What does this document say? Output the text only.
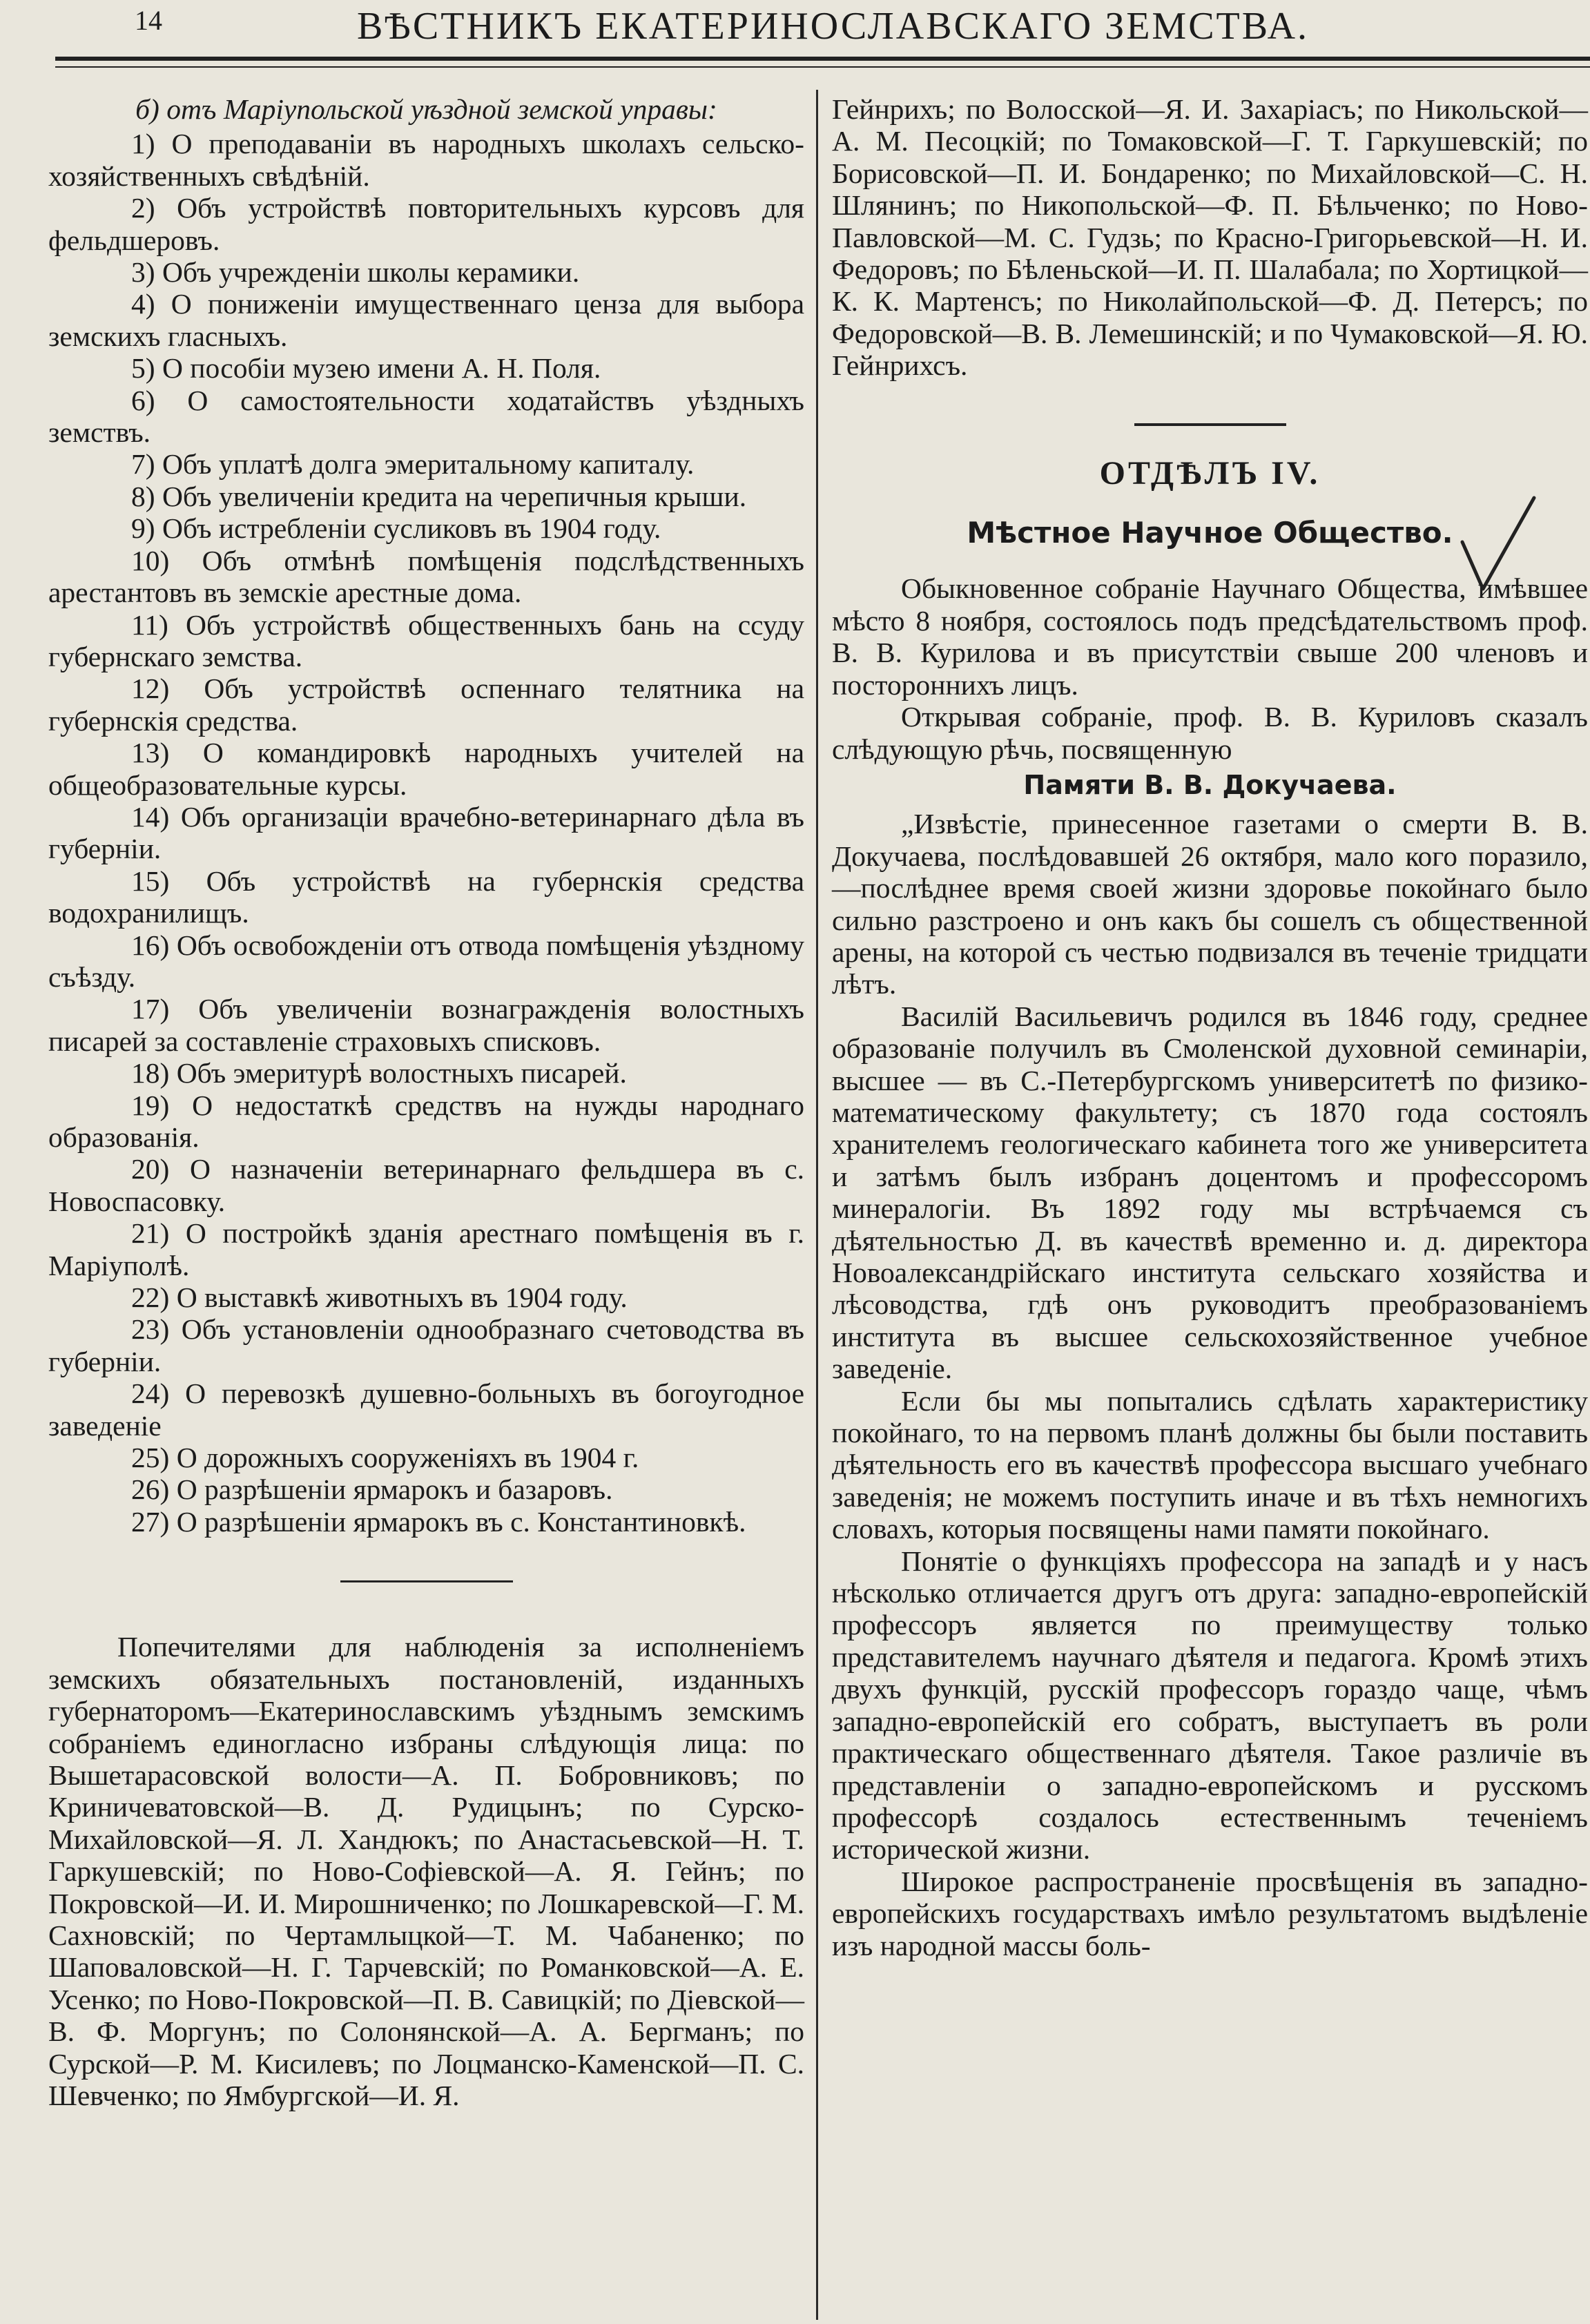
14	ВѢСТНИКЪ ЕКАТЕРИНОСЛАВСКАГО ЗЕМСТВА.

б) отъ Маріупольской уѣздной земской управы:

1) О преподаваніи въ народныхъ школахъ сельско-хозяйственныхъ свѣдѣній.

2) Объ устройствѣ повторительныхъ курсовъ для фельдшеровъ.

3) Объ учрежденіи школы керамики.

4) О пониженіи имущественнаго ценза для выбора земскихъ гласныхъ.

5) О пособіи музею имени А. Н. Поля.

6) О самостоятельности ходатайствъ уѣздныхъ земствъ.

7) Объ уплатѣ долга эмеритальному капиталу.

8) Объ увеличеніи кредита на черепичныя крыши.

9) Объ истребленіи сусликовъ въ 1904 году.

10) Объ отмѣнѣ помѣщенія подслѣдственныхъ арестантовъ въ земскіе арестные дома.

11) Объ устройствѣ общественныхъ бань на ссуду губернскаго земства.

12) Объ устройствѣ оспеннаго телятника на губернскія средства.

13) О командировкѣ народныхъ учителей на общеобразовательные курсы.

14) Объ организаціи врачебно-ветеринарнаго дѣла въ губерніи.

15) Объ устройствѣ на губернскія средства водохранилищъ.

16) Объ освобожденіи отъ отвода помѣщенія уѣздному съѣзду.

17) Объ увеличеніи вознагражденія волостныхъ писарей за составленіе страховыхъ списковъ.

18) Объ эмеритурѣ волостныхъ писарей.

19) О недостаткѣ средствъ на нужды народнаго образованія.

20) О назначеніи ветеринарнаго фельдшера въ с. Новоспасовку.

21) О постройкѣ зданія арестнаго помѣщенія въ г. Маріуполѣ.

22) О выставкѣ животныхъ въ 1904 году.

23) Объ установленіи однообразнаго счетоводства въ губерніи.

24) О перевозкѣ душевно-больныхъ въ богоугодное заведеніе

25) О дорожныхъ сооруженіяхъ въ 1904 г.

26) О разрѣшеніи ярмарокъ и базаровъ.

27) О разрѣшеніи ярмарокъ въ с. Константиновкѣ.

Попечителями для наблюденія за исполненіемъ земскихъ обязательныхъ постановленій, изданныхъ губернаторомъ—Екатеринославскимъ уѣзднымъ земскимъ собраніемъ единогласно избраны слѣдующія лица: по Вышетарасовской волости—А. П. Бобровниковъ; по Криничеватовской—В. Д. Рудицынъ; по Сурско-Михайловской—Я. Л. Хандюкъ; по Анастасьевской—Н. Т. Гаркушевскій; по Ново-Софіевской—А. Я. Гейнъ; по Покровской—И. И. Мирошниченко; по Лошкаревской—Г. М. Сахновскій; по Чертамлыцкой—Т. М. Чабаненко; по Шаповаловской—Н. Г. Тарчевскій; по Романковской—А. Е. Усенко; по Ново-Покровской—П. В. Савицкій; по Діевской—В. Ф. Моргунъ; по Солонянской—А. А. Бергманъ; по Сурской—Р. М. Кисилевъ; по Лоцманско-Каменской—П. С. Шевченко; по Ямбургской—И. Я.

Гейнрихъ; по Волосской—Я. И. Захаріасъ; по Никольской—А. М. Песоцкій; по Томаковской—Г. Т. Гаркушевскій; по Борисовской—П. И. Бондаренко; по Михайловской—С. Н. Шлянинъ; по Никопольской—Ф. П. Бѣльченко; по Ново-Павловской—М. С. Гудзь; по Красно-Григорьевской—Н. И. Федоровъ; по Бѣленьской—И. П. Шалабала; по Хортицкой—К. К. Мартенсъ; по Николайпольской—Ф. Д. Петерсъ; по Федоровской—В. В. Лемешинскій; и по Чумаковской—Я. Ю. Гейнрихсъ.

ОТДѢЛЪ IV.

Мѣстное Научное Общество.

Обыкновенное собраніе Научнаго Общества, имѣвшее мѣсто 8 ноября, состоялось подъ предсѣдательствомъ проф. В. В. Курилова и въ присутствіи свыше 200 членовъ и постороннихъ лицъ.

Открывая собраніе, проф. В. В. Куриловъ сказалъ слѣдующую рѣчь, посвященную

Памяти В. В. Докучаева.

„Извѣстіе, принесенное газетами о смерти В. В. Докучаева, послѣдовавшей 26 октября, мало кого поразило,—послѣднее время своей жизни здоровье покойнаго было сильно разстроено и онъ какъ бы сошелъ съ общественной арены, на которой съ честью подвизался въ теченіе тридцати лѣтъ.

Василій Васильевичъ родился въ 1846 году, среднее образованіе получилъ въ Смоленской духовной семинаріи, высшее — въ С.-Петербургскомъ университетѣ по физико-математическому факультету; съ 1870 года состоялъ хранителемъ геологическаго кабинета того же университета и затѣмъ былъ избранъ доцентомъ и профессоромъ минералогіи. Въ 1892 году мы встрѣчаемся съ дѣятельностью Д. въ качествѣ временно и. д. директора Новоалександрійскаго института сельскаго хозяйства и лѣсоводства, гдѣ онъ руководитъ преобразованіемъ института въ высшее сельскохозяйственное учебное заведеніе.

Если бы мы попытались сдѣлать характеристику покойнаго, то на первомъ планѣ должны бы были поставить дѣятельность его въ качествѣ профессора высшаго учебнаго заведенія; не можемъ поступить иначе и въ тѣхъ немногихъ словахъ, которыя посвящены нами памяти покойнаго.

Понятіе о функціяхъ профессора на западѣ и у насъ нѣсколько отличается другъ отъ друга: западно-европейскій профессоръ является по преимуществу только представителемъ научнаго дѣятеля и педагога. Кромѣ этихъ двухъ функцій, русскій профессоръ гораздо чаще, чѣмъ западно-европейскій его собратъ, выступаетъ въ роли практическаго общественнаго дѣятеля. Такое различіе въ представленіи о западно-европейскомъ и русскомъ профессорѣ создалось естественнымъ теченіемъ исторической жизни.

Широкое распространеніе просвѣщенія въ западно-европейскихъ государствахъ имѣло результатомъ выдѣленіе изъ народной массы боль-
